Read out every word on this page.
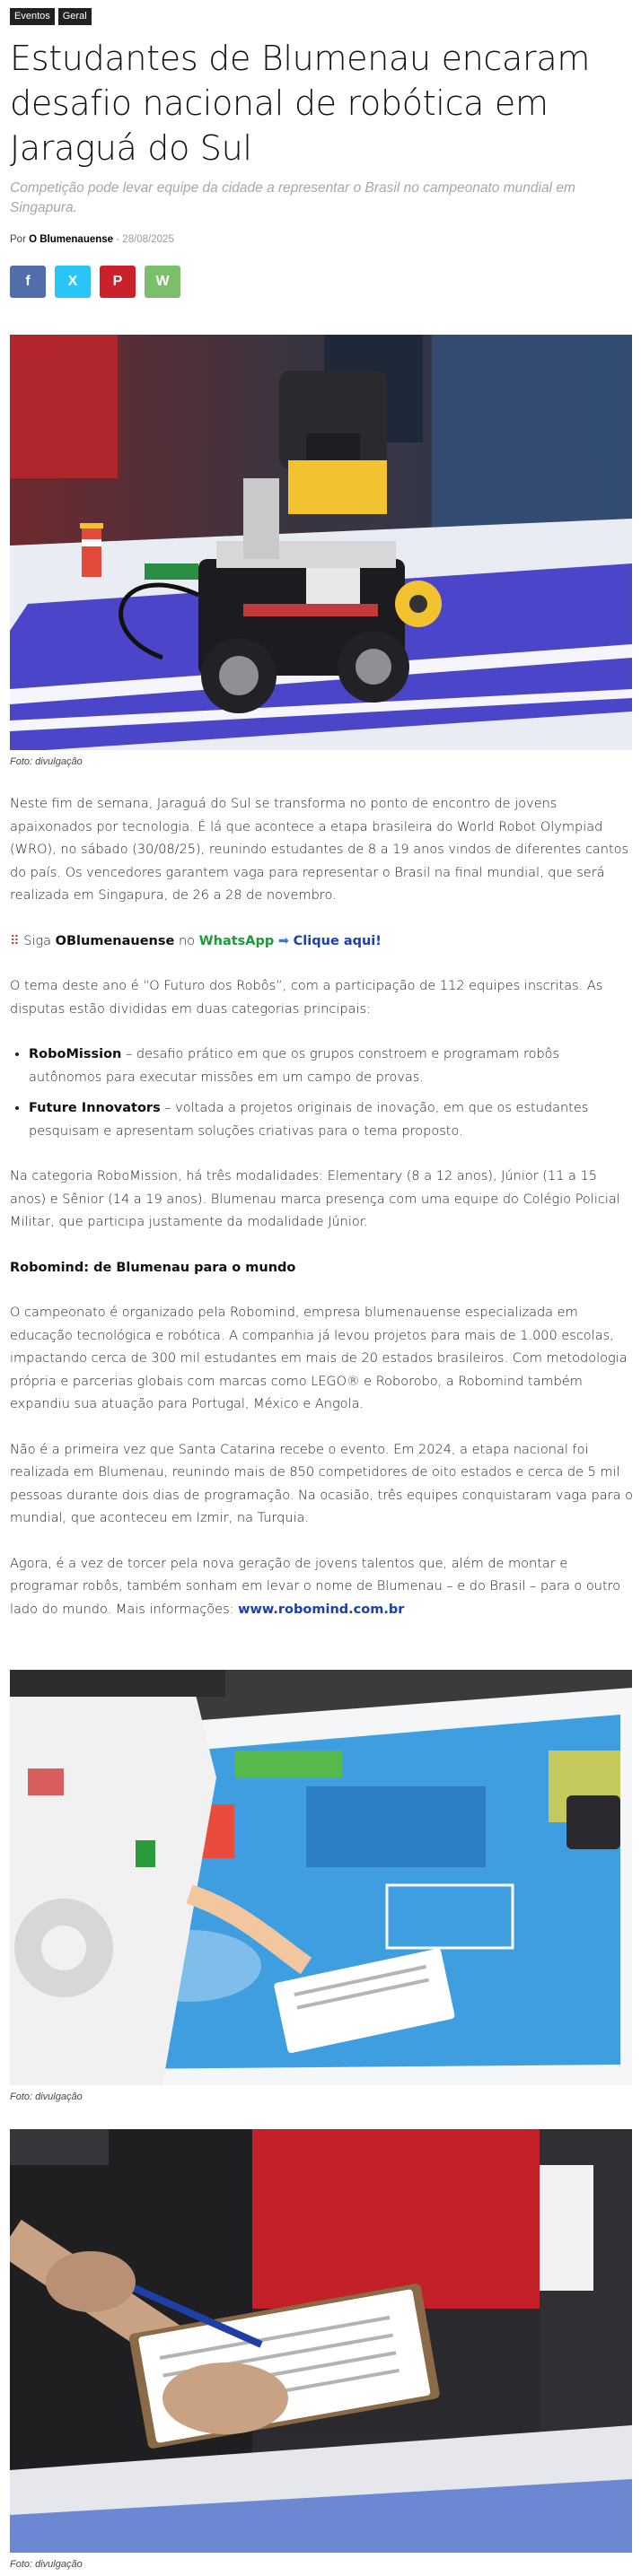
Eventos	Geral
Estudantes de Blumenau encaram desafio nacional de robótica em Jaraguá do Sul

Competição pode levar equipe da cidade a representar o Brasil no campeonato mundial em Singapura.

Por O Blumenauense - 28/08/2025
f	X P W
Foto: divulgação

Neste fim de semana, Jaraguá do Sul se transforma no ponto de encontro de jovens apaixonados por tecnologia. É lá que acontece a etapa brasileira do World Robot Olympiad (WRO), no sábado (30/08/25), reunindo estudantes de 8 a 19 anos vindos de diferentes cantos do país. Os vencedores garantem vaga para representar o Brasil na final mundial, que será realizada em Singapura, de 26 a 28 de novembro.

⠿ Siga OBlumenauense no WhatsApp ➡ Clique aqui!

O tema deste ano é “O Futuro dos Robôs”, com a participação de 112 equipes inscritas. As disputas estão divididas em duas categorias principais:

• RoboMission – desafio prático em que os grupos constroem e programam robôs autônomos para executar missões em um campo de provas.
• Future Innovators – voltada a projetos originais de inovação, em que os estudantes pesquisam e apresentam soluções criativas para o tema proposto.

Na categoria RoboMission, há três modalidades: Elementary (8 a 12 anos), Júnior (11 a 15 anos) e Sênior (14 a 19 anos). Blumenau marca presença com uma equipe do Colégio Policial Militar, que participa justamente da modalidade Júnior.

Robomind: de Blumenau para o mundo

O campeonato é organizado pela Robomind, empresa blumenauense especializada em educação tecnológica e robótica. A companhia já levou projetos para mais de 1.000 escolas, impactando cerca de 300 mil estudantes em mais de 20 estados brasileiros. Com metodologia própria e parcerias globais com marcas como LEGO® e Roborobo, a Robomind também expandiu sua atuação para Portugal, México e Angola.

Não é a primeira vez que Santa Catarina recebe o evento. Em 2024, a etapa nacional foi realizada em Blumenau, reunindo mais de 850 competidores de oito estados e cerca de 5 mil pessoas durante dois dias de programação. Na ocasião, três equipes conquistaram vaga para o mundial, que aconteceu em Izmir, na Turquia.

Agora, é a vez de torcer pela nova geração de jovens talentos que, além de montar e programar robôs, também sonham em levar o nome de Blumenau – e do Brasil – para o outro lado do mundo. Mais informações: www.robomind.com.br

Foto: divulgação
Foto: divulgação
